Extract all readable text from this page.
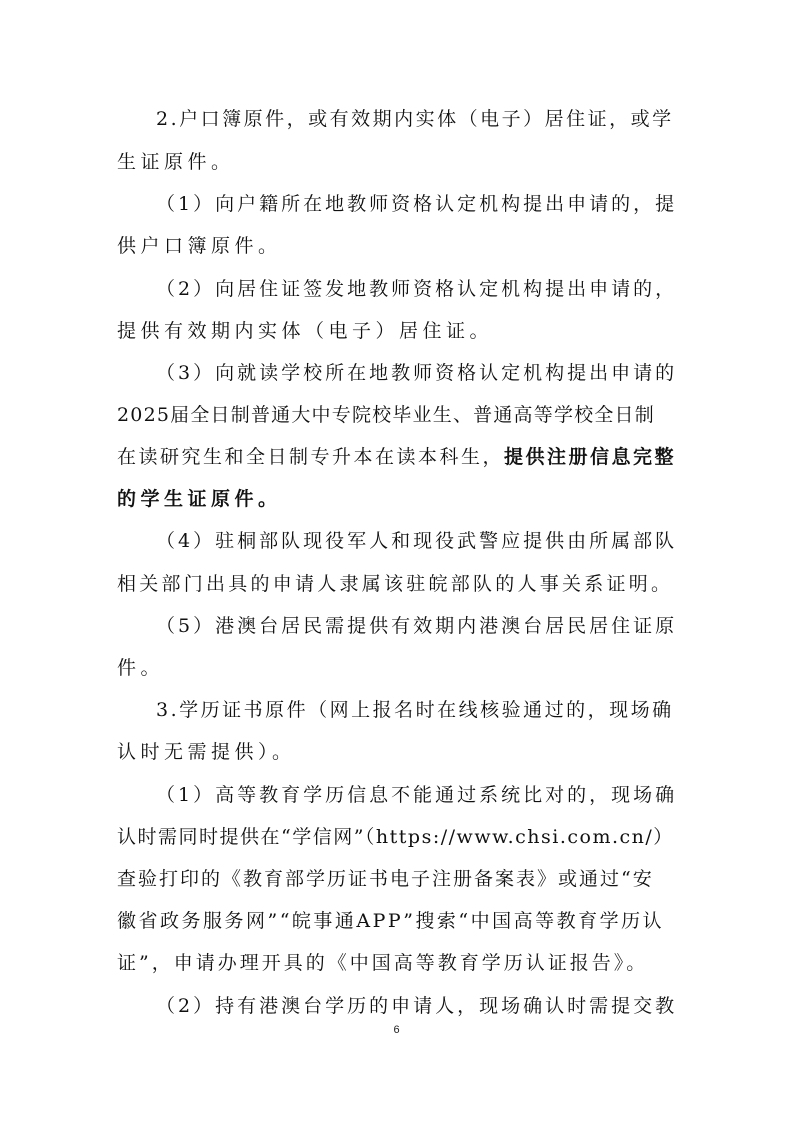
2.户口簿原件，或有效期内实体（电子）居住证，或学
生证原件。
（1）向户籍所在地教师资格认定机构提出申请的，提
供户口簿原件。
（2）向居住证签发地教师资格认定机构提出申请的，
提供有效期内实体（电子）居住证。
（3）向就读学校所在地教师资格认定机构提出申请的
2025届全日制普通大中专院校毕业生、普通高等学校全日制
在读研究生和全日制专升本在读本科生，提供注册信息完整
的学生证原件。
（4）驻桐部队现役军人和现役武警应提供由所属部队
相关部门出具的申请人隶属该驻皖部队的人事关系证明。
（5）港澳台居民需提供有效期内港澳台居民居住证原
件。
3.学历证书原件（网上报名时在线核验通过的，现场确
认时无需提供）。
（1）高等教育学历信息不能通过系统比对的，现场确
认时需同时提供在“学信网”（https://www.chsi.com.cn/）
查验打印的《教育部学历证书电子注册备案表》或通过“安
徽省政务服务网”“皖事通APP”搜索“中国高等教育学历认
证”，申请办理开具的《中国高等教育学历认证报告》。
（2）持有港澳台学历的申请人，现场确认时需提交教
6
